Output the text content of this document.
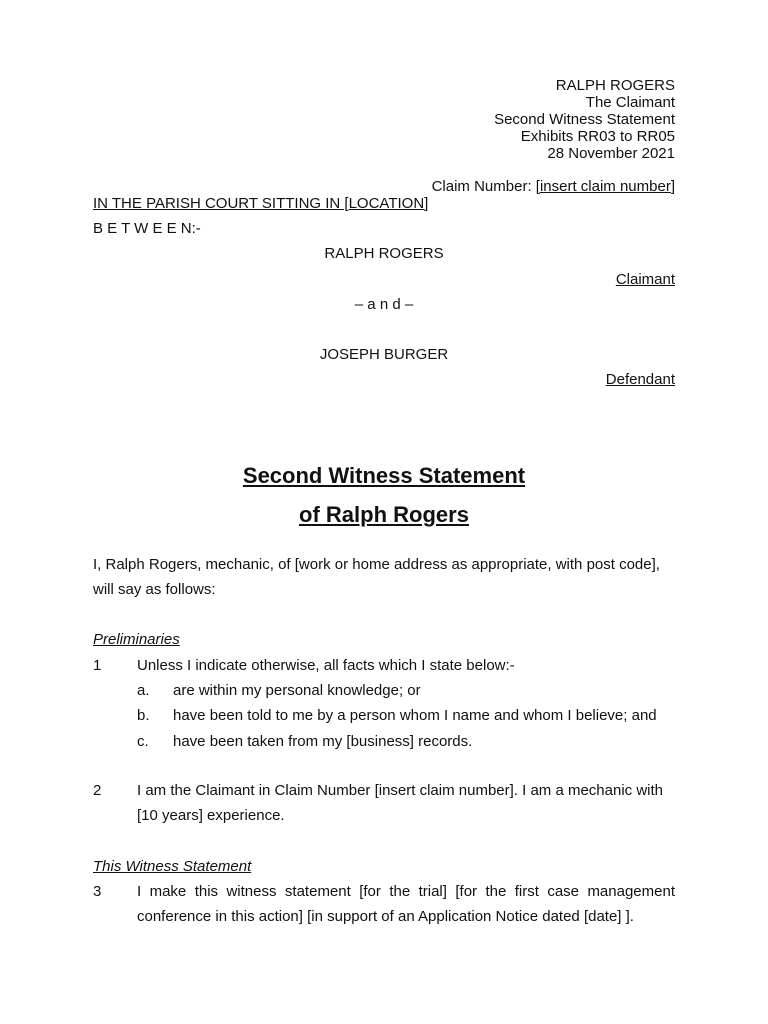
RALPH ROGERS
The Claimant
Second Witness Statement
Exhibits RR03 to RR05
28 November 2021
Claim Number: [insert claim number]
IN THE PARISH COURT SITTING IN [LOCATION]
B E T W E E N:-
RALPH ROGERS
Claimant
– a n d –
JOSEPH BURGER
Defendant
Second Witness Statement
of Ralph Rogers
I, Ralph Rogers, mechanic, of [work or home address as appropriate, with post code], will say as follows:
Preliminaries
1 Unless I indicate otherwise, all facts which I state below:-
a. are within my personal knowledge; or
b. have been told to me by a person whom I name and whom I believe; and
c. have been taken from my [business] records.
2 I am the Claimant in Claim Number [insert claim number]. I am a mechanic with [10 years] experience.
This Witness Statement
3 I make this witness statement [for the trial] [for the first case management conference in this action] [in support of an Application Notice dated [date] ].
